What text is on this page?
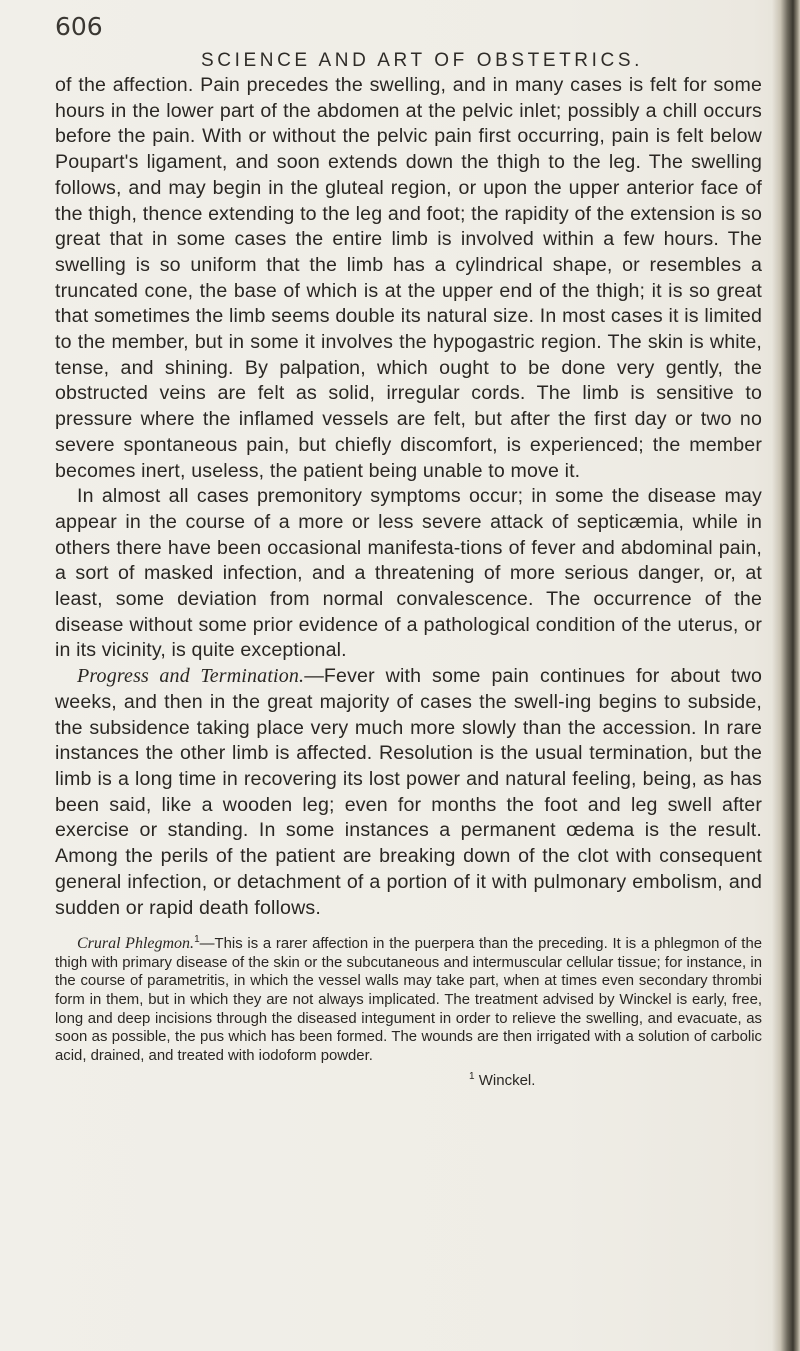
606
SCIENCE AND ART OF OBSTETRICS.

of the affection. Pain precedes the swelling, and in many cases is felt for some hours in the lower part of the abdomen at the pelvic inlet; possibly a chill occurs before the pain. With or without the pelvic pain first occurring, pain is felt below Poupart's ligament, and soon extends down the thigh to the leg. The swelling follows, and may begin in the gluteal region, or upon the upper anterior face of the thigh, thence extending to the leg and foot; the rapidity of the extension is so great that in some cases the entire limb is involved within a few hours. The swelling is so uniform that the limb has a cylindrical shape, or resembles a truncated cone, the base of which is at the upper end of the thigh; it is so great that sometimes the limb seems double its natural size. In most cases it is limited to the member, but in some it involves the hypogastric region. The skin is white, tense, and shining. By palpation, which ought to be done very gently, the obstructed veins are felt as solid, irregular cords. The limb is sensitive to pressure where the inflamed vessels are felt, but after the first day or two no severe spontaneous pain, but chiefly discomfort, is experienced; the member becomes inert, useless, the patient being unable to move it.

In almost all cases premonitory symptoms occur; in some the disease may appear in the course of a more or less severe attack of septicæmia, while in others there have been occasional manifesta-tions of fever and abdominal pain, a sort of masked infection, and a threatening of more serious danger, or, at least, some deviation from normal convalescence. The occurrence of the disease without some prior evidence of a pathological condition of the uterus, or in its vicinity, is quite exceptional.

Progress and Termination.—Fever with some pain continues for about two weeks, and then in the great majority of cases the swell-ing begins to subside, the subsidence taking place very much more slowly than the accession. In rare instances the other limb is affected. Resolution is the usual termination, but the limb is a long time in recovering its lost power and natural feeling, being, as has been said, like a wooden leg; even for months the foot and leg swell after exercise or standing. In some instances a permanent œdema is the result. Among the perils of the patient are breaking down of the clot with consequent general infection, or detachment of a portion of it with pulmonary embolism, and sudden or rapid death follows.

Crural Phlegmon.$^1$—This is a rarer affection in the puerpera than the preceding. It is a phlegmon of the thigh with primary disease of the skin or the subcutaneous and intermuscular cellular tissue; for instance, in the course of parametritis, in which the vessel walls may take part, when at times even secondary thrombi form in them, but in which they are not always implicated. The treatment advised by Winckel is early, free, long and deep incisions through the diseased integument in order to relieve the swelling, and evacuate, as soon as possible, the pus which has been formed. The wounds are then irrigated with a solution of carbolic acid, drained, and treated with iodoform powder.

$^1$ Winckel.
